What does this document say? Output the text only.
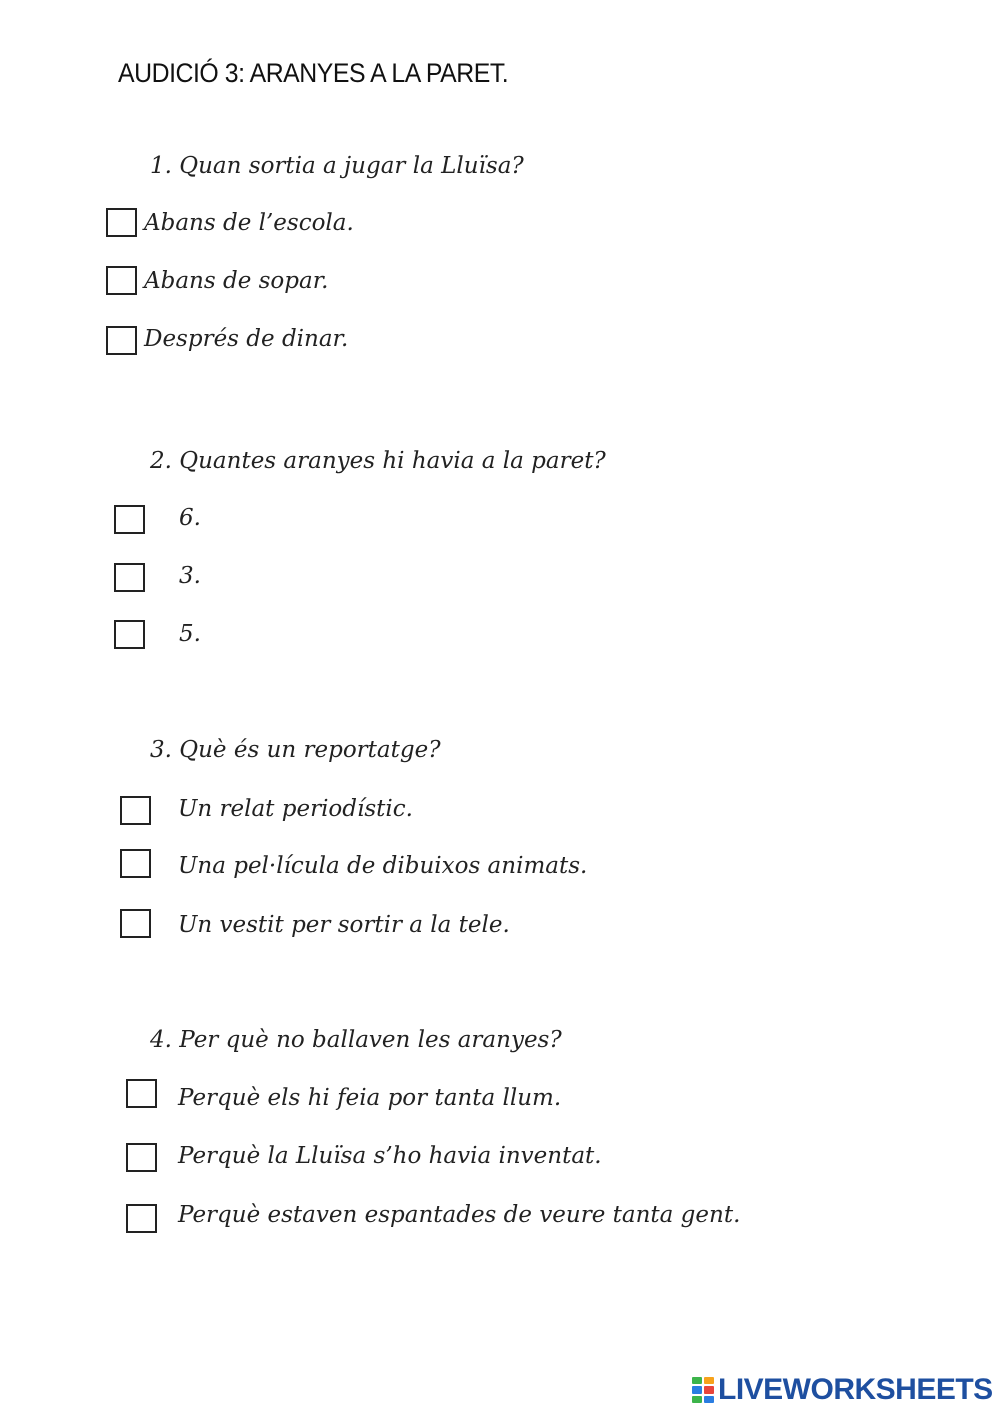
AUDICIÓ 3: ARANYES A LA PARET.
1. Quan sortia a jugar la Lluïsa?
Abans de l’escola.
Abans de sopar.
Després de dinar.
2. Quantes aranyes hi havia a la paret?
6.
3.
5.
3. Què és un reportatge?
Un relat periodístic.
Una pel·lícula de dibuixos animats.
Un vestit per sortir a la tele.
4. Per què no ballaven les aranyes?
Perquè els hi feia por tanta llum.
Perquè la Lluïsa s’ho havia inventat.
Perquè estaven espantades de veure tanta gent.
LIVEWORKSHEETS
